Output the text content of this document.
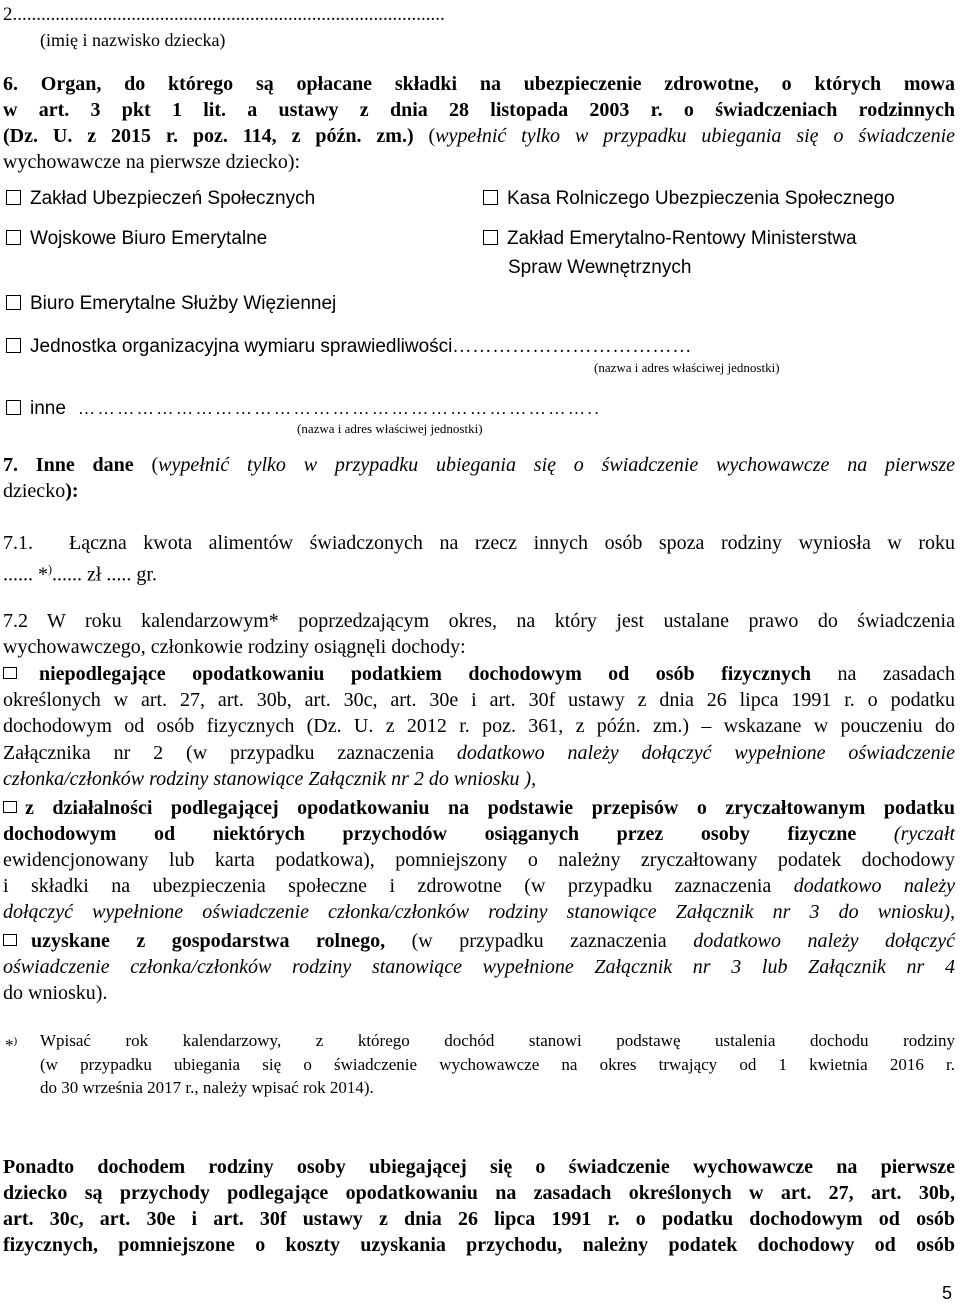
2...........................................................................................
(imię i nazwisko dziecka)
6. Organ, do którego są opłacane składki na ubezpieczenie zdrowotne, o których mowa
w art. 3 pkt 1 lit. a ustawy z dnia 28 listopada 2003 r. o świadczeniach rodzinnych
(Dz. U. z 2015 r. poz. 114, z późn. zm.) (wypełnić tylko w przypadku ubiegania się o świadczenie
wychowawcze na pierwsze dziecko):
Zakład Ubezpieczeń Społecznych	Kasa Rolniczego Ubezpieczenia Społecznego
Wojskowe Biuro Emerytalne	Zakład Emerytalno-Rentowy Ministerstwa
Spraw Wewnętrznych
Biuro Emerytalne Służby Więziennej
Jednostka organizacyjna wymiaru sprawiedliwości………………………………
(nazwa i adres właściwej jednostki)
inne ……………………………………………………………………..
(nazwa i adres właściwej jednostki)
7. Inne dane (wypełnić tylko w przypadku ubiegania się o świadczenie wychowawcze na pierwsze
dziecko):
7.1. Łączna kwota alimentów świadczonych na rzecz innych osób spoza rodziny wyniosła w roku
...... *)...... zł ..... gr.
7.2 W roku kalendarzowym* poprzedzającym okres, na który jest ustalane prawo do świadczenia
wychowawczego, członkowie rodziny osiągnęli dochody:
niepodlegające opodatkowaniu podatkiem dochodowym od osób fizycznych na zasadach
określonych w art. 27, art. 30b, art. 30c, art. 30e i art. 30f ustawy z dnia 26 lipca 1991 r. o podatku
dochodowym od osób fizycznych (Dz. U. z 2012 r. poz. 361, z późn. zm.) – wskazane w pouczeniu do
Załącznika nr 2 (w przypadku zaznaczenia dodatkowo należy dołączyć wypełnione oświadczenie
członka/członków rodziny stanowiące Załącznik nr 2 do wniosku ),
z działalności podlegającej opodatkowaniu na podstawie przepisów o zryczałtowanym podatku
dochodowym od niektórych przychodów osiąganych przez osoby fizyczne (ryczałt
ewidencjonowany lub karta podatkowa), pomniejszony o należny zryczałtowany podatek dochodowy
i składki na ubezpieczenia społeczne i zdrowotne (w przypadku zaznaczenia dodatkowo należy
dołączyć wypełnione oświadczenie członka/członków rodziny stanowiące Załącznik nr 3 do wniosku),
uzyskane z gospodarstwa rolnego, (w przypadku zaznaczenia dodatkowo należy dołączyć
oświadczenie członka/członków rodziny stanowiące wypełnione Załącznik nr 3 lub Załącznik nr 4
do wniosku).
*) Wpisać rok kalendarzowy, z którego dochód stanowi podstawę ustalenia dochodu rodziny
(w przypadku ubiegania się o świadczenie wychowawcze na okres trwający od 1 kwietnia 2016 r.
do 30 września 2017 r., należy wpisać rok 2014).
Ponadto dochodem rodziny osoby ubiegającej się o świadczenie wychowawcze na pierwsze
dziecko są przychody podlegające opodatkowaniu na zasadach określonych w art. 27, art. 30b,
art. 30c, art. 30e i art. 30f ustawy z dnia 26 lipca 1991 r. o podatku dochodowym od osób
fizycznych, pomniejszone o koszty uzyskania przychodu, należny podatek dochodowy od osób
5
